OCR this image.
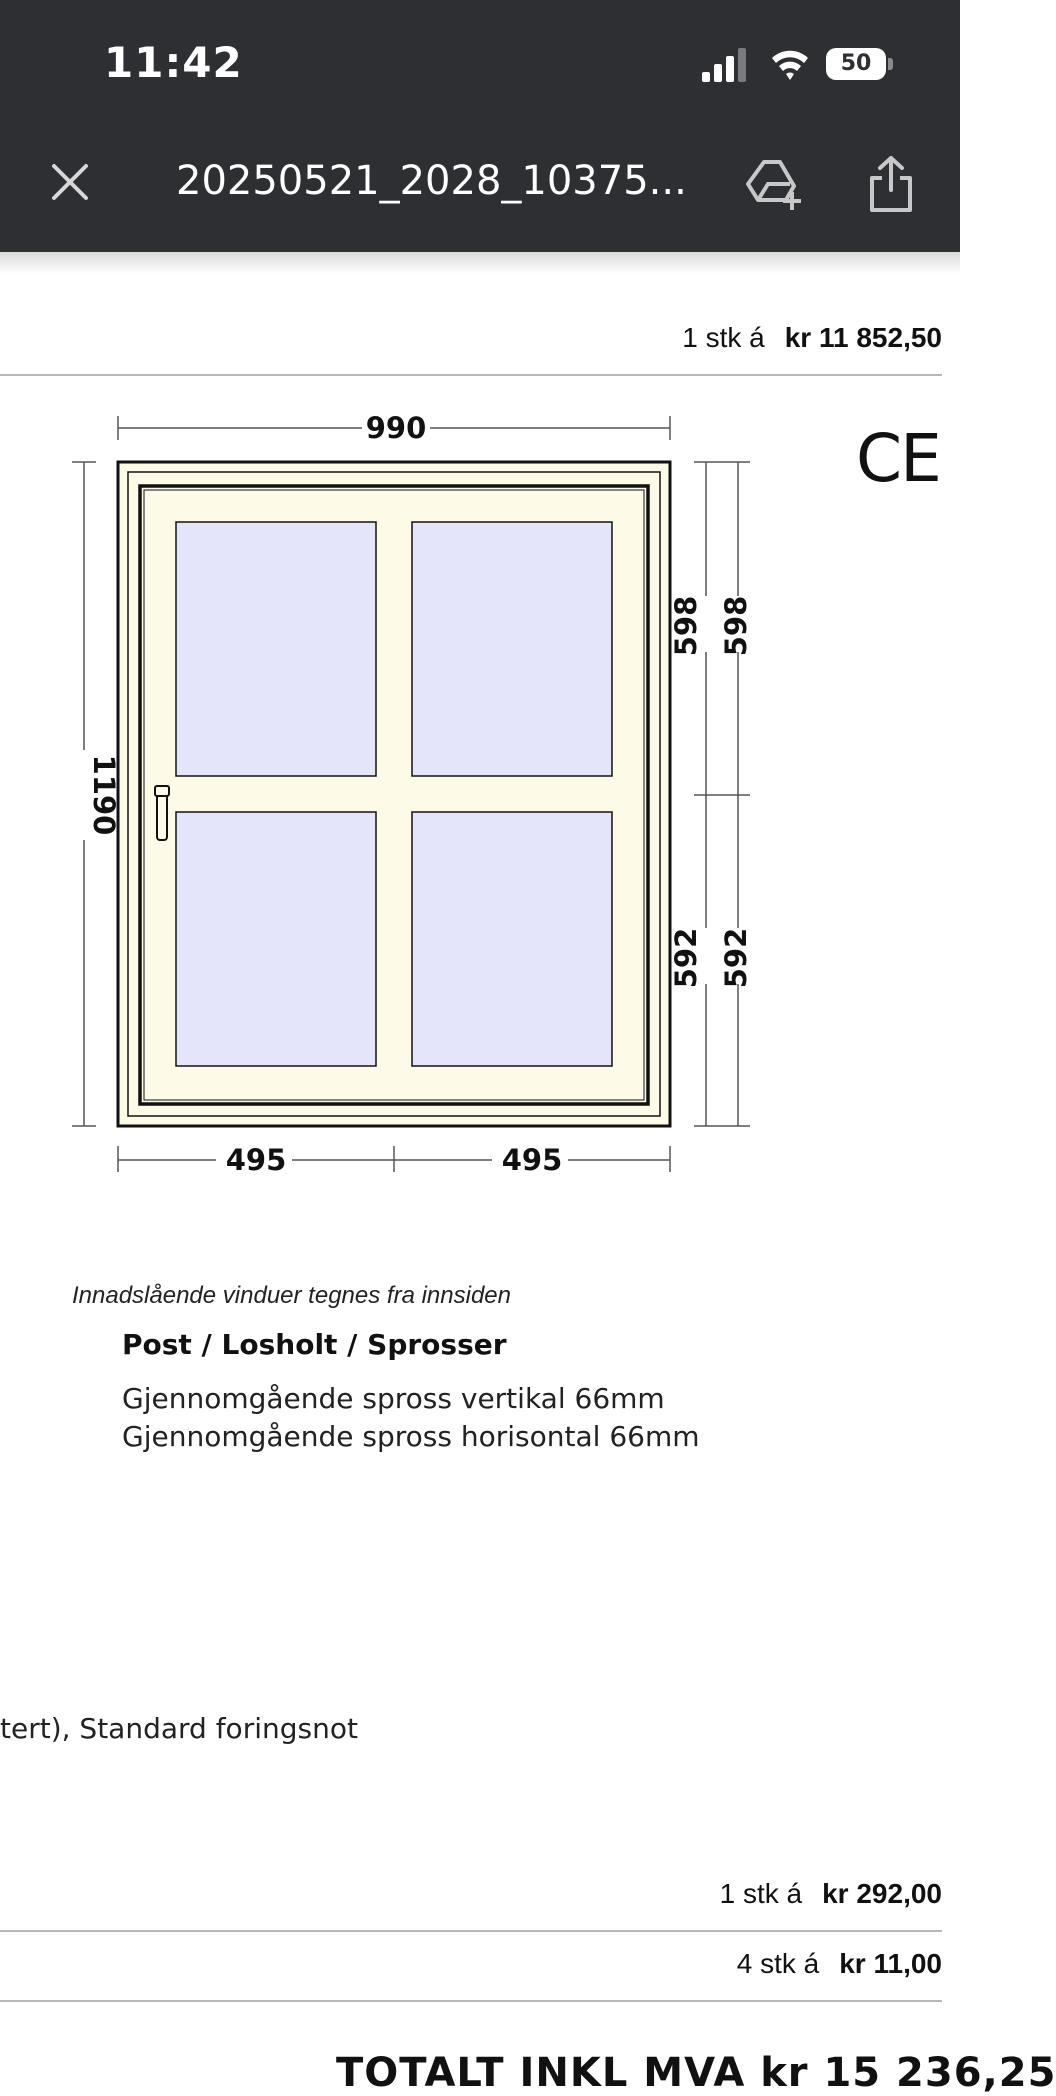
11:42	50
20250521_2028_10375...
1 stk á kr 11 852,50
990
495	495
1190
598 598
592 592
CE
Innadslående vinduer tegnes fra innsiden
Post / Losholt / Sprosser
Gjennomgående spross vertikal 66mm
Gjennomgående spross horisontal 66mm
tert), Standard foringsnot
1 stk á kr 292,00
4 stk á kr 11,00
TOTALT INKL MVA kr 15 236,25
